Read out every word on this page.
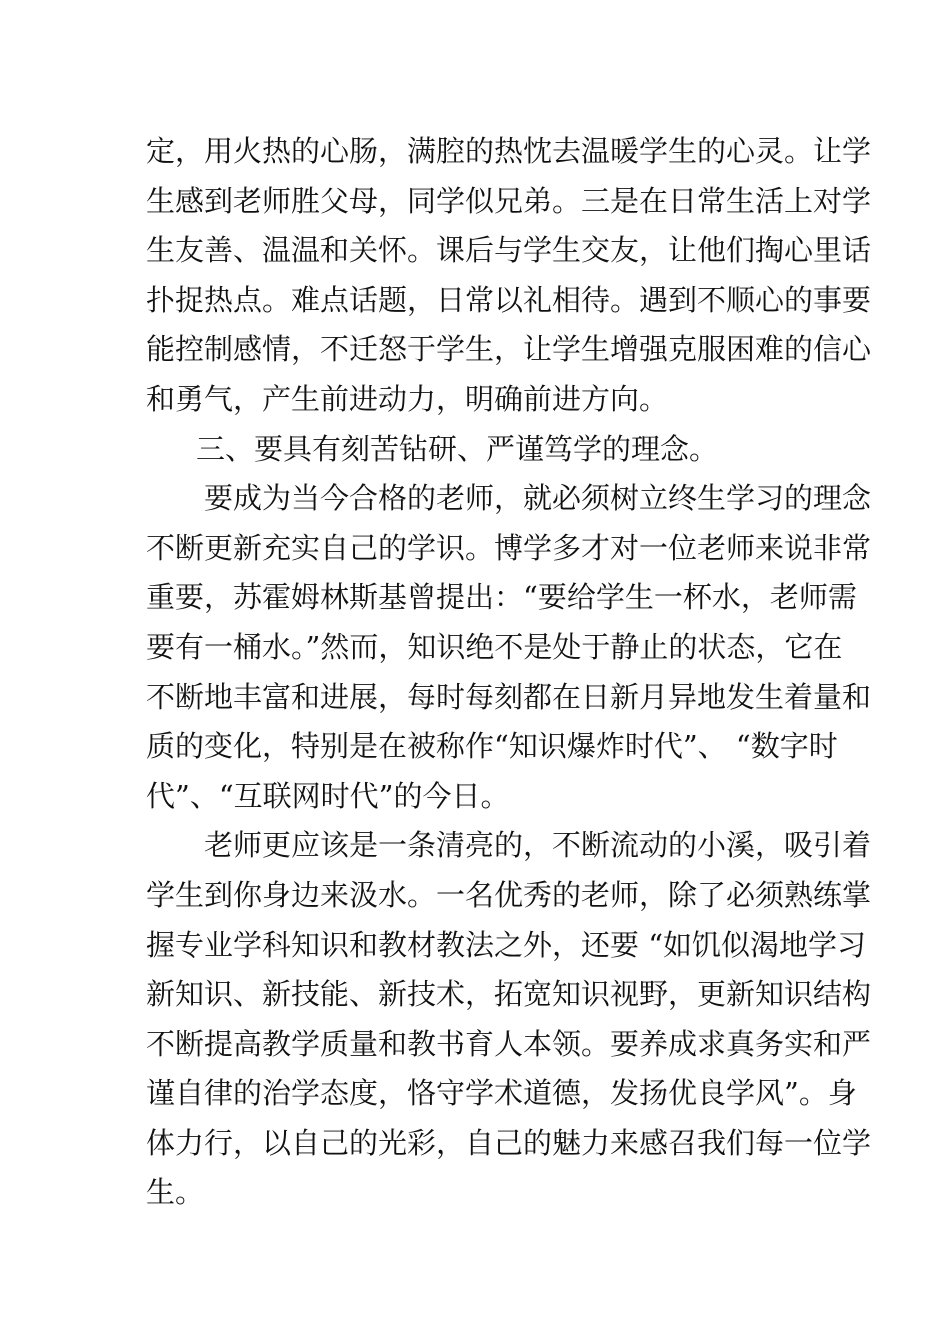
定，用火热的心肠，满腔的热忱去温暖学生的心灵。让学
生感到老师胜父母，同学似兄弟。三是在日常生活上对学
生友善、温温和关怀。课后与学生交友，让他们掏心里话
扑捉热点。难点话题，日常以礼相待。遇到不顺心的事要
能控制感情，不迁怒于学生，让学生增强克服困难的信心
和勇气，产生前进动力，明确前进方向。
三、要具有刻苦钻研、严谨笃学的理念。
要成为当今合格的老师，就必须树立终生学习的理念
不断更新充实自己的学识。博学多才对一位老师来说非常
重要，苏霍姆林斯基曾提出：“要给学生一杯水，老师需
要有一桶水。”然而，知识绝不是处于静止的状态，它在
不断地丰富和进展，每时每刻都在日新月异地发生着量和
质的变化，特别是在被称作“知识爆炸时代”、 “数字时
代”、“互联网时代”的今日。
老师更应该是一条清亮的，不断流动的小溪，吸引着
学生到你身边来汲水。一名优秀的老师，除了必须熟练掌
握专业学科知识和教材教法之外，还要 “如饥似渴地学习
新知识、新技能、新技术，拓宽知识视野，更新知识结构
不断提高教学质量和教书育人本领。要养成求真务实和严
谨自律的治学态度，恪守学术道德，发扬优良学风”。身
体力行，以自己的光彩，自己的魅力来感召我们每一位学
生。
